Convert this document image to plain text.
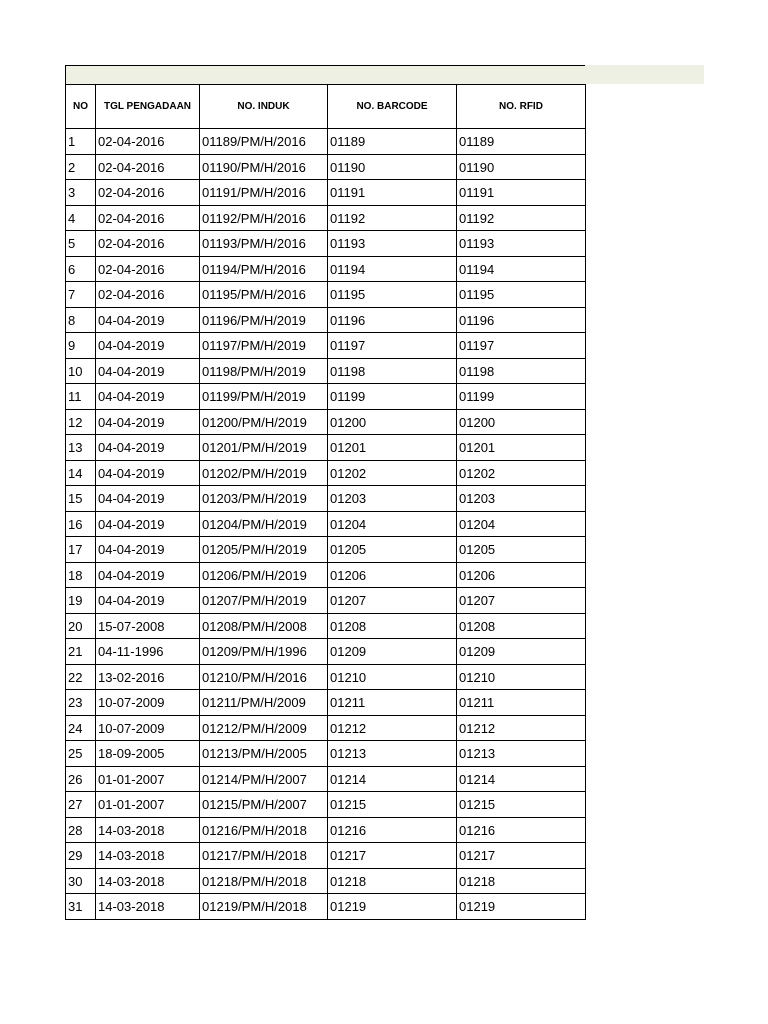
NO	TGL PENGADAAN	NO. INDUK	NO. BARCODE	NO. RFID
1	02-04-2016	01189/PM/H/2016	01189	01189
2	02-04-2016	01190/PM/H/2016	01190	01190
3	02-04-2016	01191/PM/H/2016	01191	01191
4	02-04-2016	01192/PM/H/2016	01192	01192
5	02-04-2016	01193/PM/H/2016	01193	01193
6	02-04-2016	01194/PM/H/2016	01194	01194
7	02-04-2016	01195/PM/H/2016	01195	01195
8	04-04-2019	01196/PM/H/2019	01196	01196
9	04-04-2019	01197/PM/H/2019	01197	01197
10	04-04-2019	01198/PM/H/2019	01198	01198
11	04-04-2019	01199/PM/H/2019	01199	01199
12	04-04-2019	01200/PM/H/2019	01200	01200
13	04-04-2019	01201/PM/H/2019	01201	01201
14	04-04-2019	01202/PM/H/2019	01202	01202
15	04-04-2019	01203/PM/H/2019	01203	01203
16	04-04-2019	01204/PM/H/2019	01204	01204
17	04-04-2019	01205/PM/H/2019	01205	01205
18	04-04-2019	01206/PM/H/2019	01206	01206
19	04-04-2019	01207/PM/H/2019	01207	01207
20	15-07-2008	01208/PM/H/2008	01208	01208
21	04-11-1996	01209/PM/H/1996	01209	01209
22	13-02-2016	01210/PM/H/2016	01210	01210
23	10-07-2009	01211/PM/H/2009	01211	01211
24	10-07-2009	01212/PM/H/2009	01212	01212
25	18-09-2005	01213/PM/H/2005	01213	01213
26	01-01-2007	01214/PM/H/2007	01214	01214
27	01-01-2007	01215/PM/H/2007	01215	01215
28	14-03-2018	01216/PM/H/2018	01216	01216
29	14-03-2018	01217/PM/H/2018	01217	01217
30	14-03-2018	01218/PM/H/2018	01218	01218
31	14-03-2018	01219/PM/H/2018	01219	01219
